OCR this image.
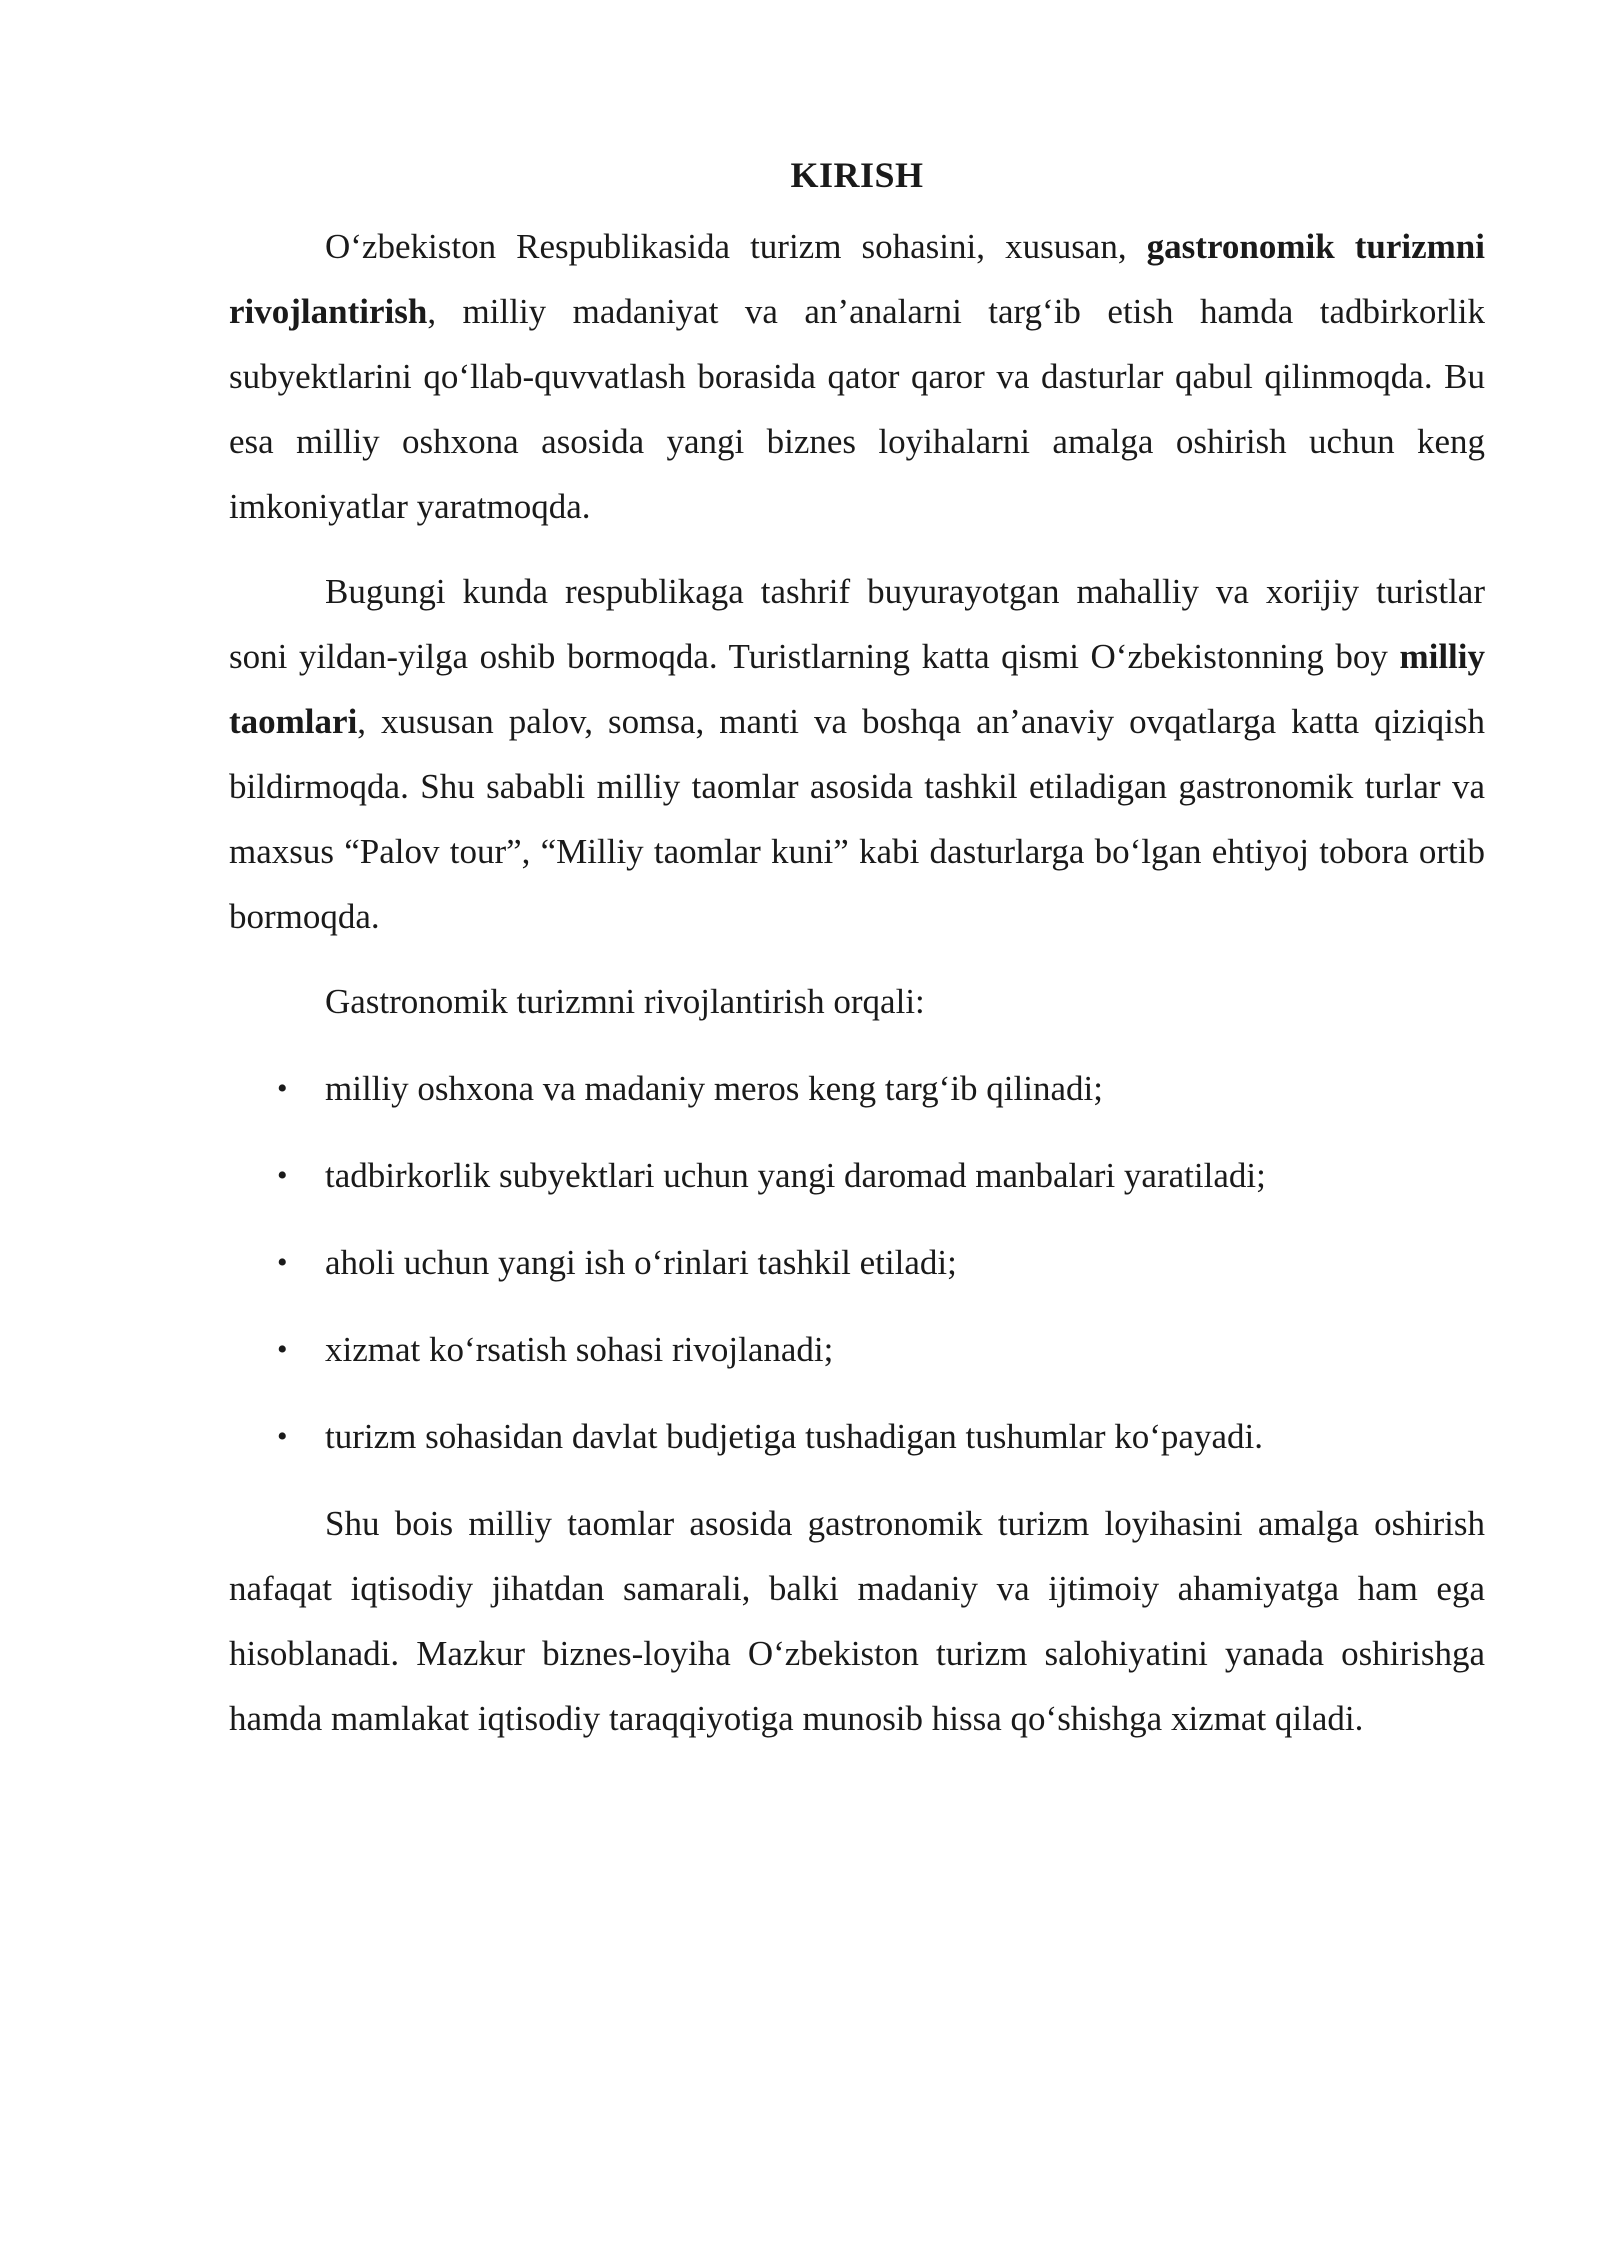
KIRISH

O‘zbekiston Respublikasida turizm sohasini, xususan, gastronomik turizmni rivojlantirish, milliy madaniyat va an’analarni targ‘ib etish hamda tadbirkorlik subyektlarini qo‘llab-quvvatlash borasida qator qaror va dasturlar qabul qilinmoqda. Bu esa milliy oshxona asosida yangi biznes loyihalarni amalga oshirish uchun keng imkoniyatlar yaratmoqda.

Bugungi kunda respublikaga tashrif buyurayotgan mahalliy va xorijiy turistlar soni yildan-yilga oshib bormoqda. Turistlarning katta qismi O‘zbekistonning boy milliy taomlari, xususan palov, somsa, manti va boshqa an’anaviy ovqatlarga katta qiziqish bildirmoqda. Shu sababli milliy taomlar asosida tashkil etiladigan gastronomik turlar va maxsus “Palov tour”, “Milliy taomlar kuni” kabi dasturlarga bo‘lgan ehtiyoj tobora ortib bormoqda.

Gastronomik turizmni rivojlantirish orqali:

• milliy oshxona va madaniy meros keng targ‘ib qilinadi;
• tadbirkorlik subyektlari uchun yangi daromad manbalari yaratiladi;
• aholi uchun yangi ish o‘rinlari tashkil etiladi;
• xizmat ko‘rsatish sohasi rivojlanadi;
• turizm sohasidan davlat budjetiga tushadigan tushumlar ko‘payadi.

Shu bois milliy taomlar asosida gastronomik turizm loyihasini amalga oshirish nafaqat iqtisodiy jihatdan samarali, balki madaniy va ijtimoiy ahamiyatga ham ega hisoblanadi. Mazkur biznes-loyiha O‘zbekiston turizm salohiyatini yanada oshirishga hamda mamlakat iqtisodiy taraqqiyotiga munosib hissa qo‘shishga xizmat qiladi.
